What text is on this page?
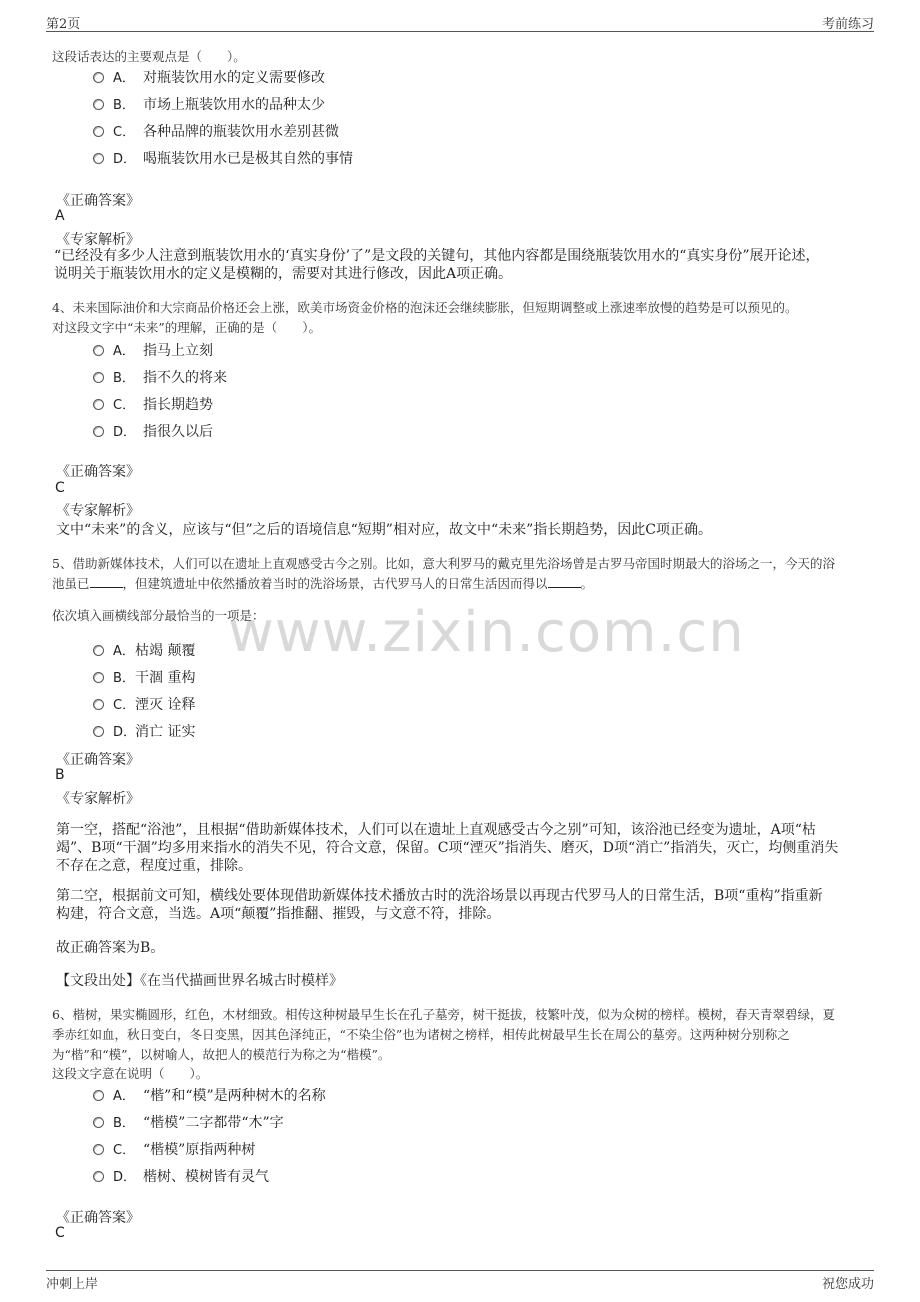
第2页	考前练习
www.zixin.com.cn
这段话表达的主要观点是（　　）。
A． 对瓶装饮用水的定义需要修改
B． 市场上瓶装饮用水的品种太少
C． 各种品牌的瓶装饮用水差别甚微
D． 喝瓶装饮用水已是极其自然的事情
《正确答案》
A
《专家解析》
“已经没有多少人注意到瓶装饮用水的‘真实身份’了”是文段的关键句，其他内容都是围绕瓶装饮用水的“真实身份”展开论述，
说明关于瓶装饮用水的定义是模糊的，需要对其进行修改，因此A项正确。
4、未来国际油价和大宗商品价格还会上涨，欧美市场资金价格的泡沫还会继续膨胀，但短期调整或上涨速率放慢的趋势是可以预见的。
对这段文字中“未来”的理解，正确的是（　　）。
A． 指马上立刻
B． 指不久的将来
C． 指长期趋势
D． 指很久以后
《正确答案》
C
《专家解析》
文中“未来”的含义，应该与“但”之后的语境信息“短期”相对应，故文中“未来”指长期趋势，因此C项正确。
5、借助新媒体技术，人们可以在遗址上直观感受古今之别。比如，意大利罗马的戴克里先浴场曾是古罗马帝国时期最大的浴场之一，今天的浴
池虽已	，但建筑遗址中依然播放着当时的洗浴场景，古代罗马人的日常生活因而得以	。
依次填入画横线部分最恰当的一项是：
A．枯竭 颠覆
B．干涸 重构
C．湮灭 诠释
D．消亡 证实
《正确答案》
B
《专家解析》
第一空，搭配“浴池”，且根据“借助新媒体技术，人们可以在遗址上直观感受古今之别”可知，该浴池已经变为遗址，A项“枯
竭”、B项“干涸”均多用来指水的消失不见，符合文意，保留。C项“湮灭”指消失、磨灭，D项“消亡”指消失，灭亡，均侧重消失
不存在之意，程度过重，排除。
第二空，根据前文可知，横线处要体现借助新媒体技术播放古时的洗浴场景以再现古代罗马人的日常生活，B项“重构”指重新
构建，符合文意，当选。A项“颠覆”指推翻、摧毁，与文意不符，排除。
故正确答案为B。
【文段出处】《在当代描画世界名城古时模样》
6、楷树，果实椭圆形，红色，木材细致。相传这种树最早生长在孔子墓旁，树干挺拔，枝繁叶茂，似为众树的榜样。模树，春天青翠碧绿，夏
季赤红如血，秋日变白，冬日变黑，因其色泽纯正，“不染尘俗”也为诸树之榜样，相传此树最早生长在周公的墓旁。这两种树分别称之
为“楷”和“模”，以树喻人，故把人的模范行为称之为“楷模”。
这段文字意在说明（　　）。
A． “楷”和“模”是两种树木的名称
B． “楷模”二字都带“木”字
C． “楷模”原指两种树
D． 楷树、模树皆有灵气
《正确答案》
C
冲刺上岸	祝您成功
